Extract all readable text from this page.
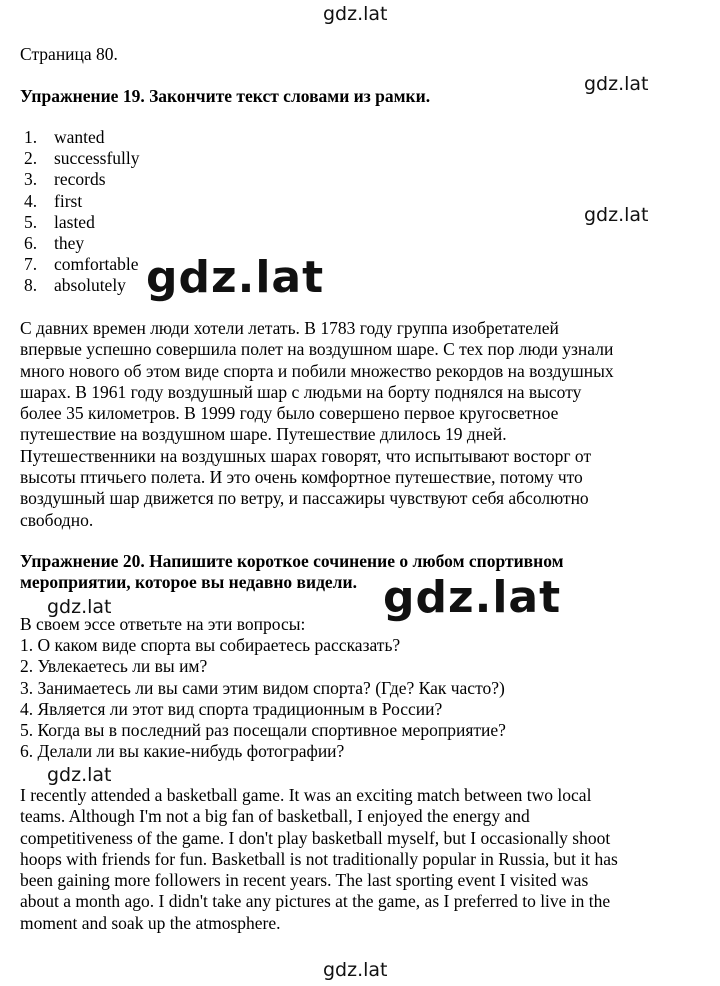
gdz.lat
gdz.lat
gdz.lat
gdz.lat
gdz.lat
gdz.lat
gdz.lat
gdz.lat
Страница 80.
Упражнение 19. Закончите текст словами из рамки.
1. wanted
2. successfully
3. records
4. first
5. lasted
6. they
7. comfortable
8. absolutely
С давних времен люди хотели летать. В 1783 году группа изобретателей
впервые успешно совершила полет на воздушном шаре. С тех пор люди узнали
много нового об этом виде спорта и побили множество рекордов на воздушных
шарах. В 1961 году воздушный шар с людьми на борту поднялся на высоту
более 35 километров. В 1999 году было совершено первое кругосветное
путешествие на воздушном шаре. Путешествие длилось 19 дней.
Путешественники на воздушных шарах говорят, что испытывают восторг от
высоты птичьего полета. И это очень комфортное путешествие, потому что
воздушный шар движется по ветру, и пассажиры чувствуют себя абсолютно
свободно.
Упражнение 20. Напишите короткое сочинение о любом спортивном
мероприятии, которое вы недавно видели.
В своем эссе ответьте на эти вопросы:
1. О каком виде спорта вы собираетесь рассказать?
2. Увлекаетесь ли вы им?
3. Занимаетесь ли вы сами этим видом спорта? (Где? Как часто?)
4. Является ли этот вид спорта традиционным в России?
5. Когда вы в последний раз посещали спортивное мероприятие?
6. Делали ли вы какие-нибудь фотографии?
I recently attended a basketball game. It was an exciting match between two local
teams. Although I'm not a big fan of basketball, I enjoyed the energy and
competitiveness of the game. I don't play basketball myself, but I occasionally shoot
hoops with friends for fun. Basketball is not traditionally popular in Russia, but it has
been gaining more followers in recent years. The last sporting event I visited was
about a month ago. I didn't take any pictures at the game, as I preferred to live in the
moment and soak up the atmosphere.
